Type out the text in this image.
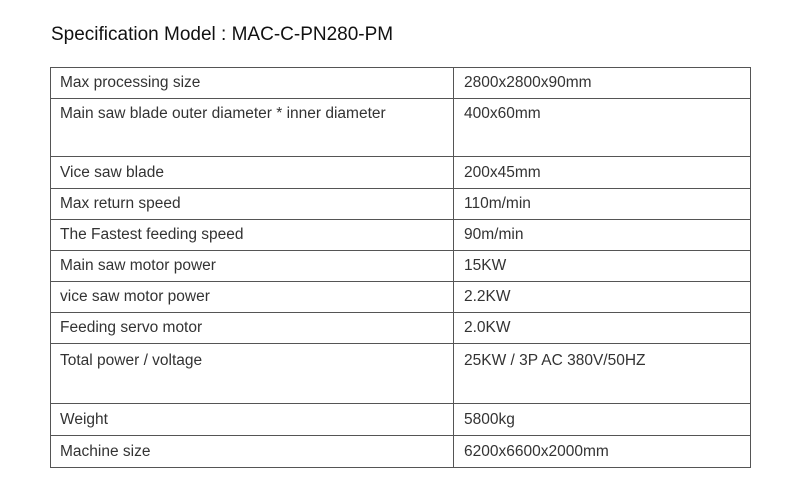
Specification Model : MAC-C-PN280-PM
Max processing size	2800x2800x90mm
Main saw blade outer diameter * inner diameter	400x60mm
Vice saw blade	200x45mm
Max return speed	110m/min
The Fastest feeding speed	90m/min
Main saw motor power	15KW
vice saw motor power	2.2KW
Feeding servo motor	2.0KW
Total power / voltage	25KW / 3P AC 380V/50HZ
Weight	5800kg
Machine size	6200x6600x2000mm
